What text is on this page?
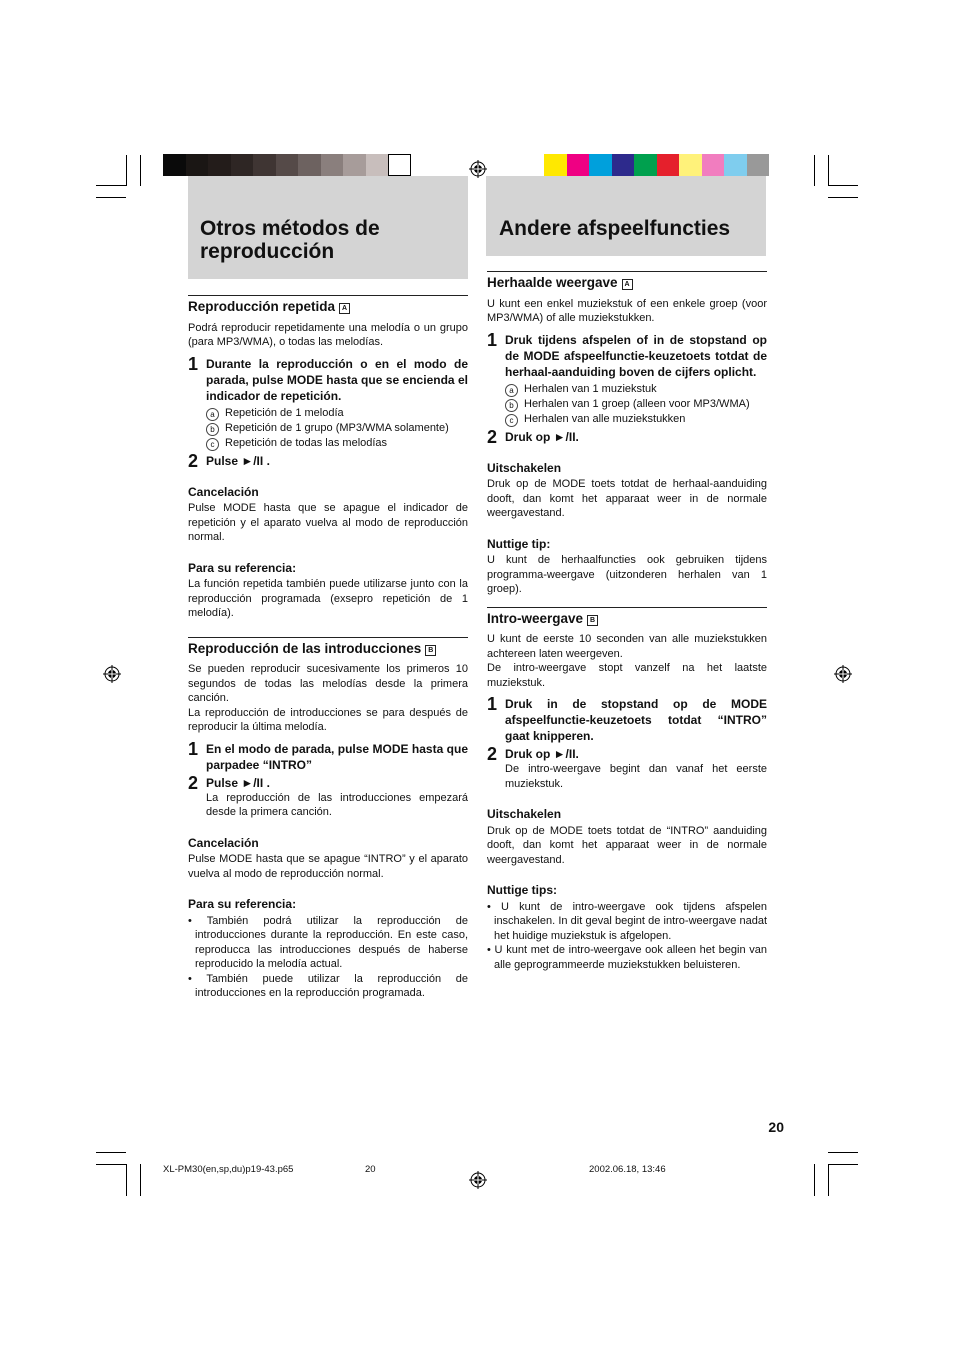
Otros métodos de reproducción
Andere afspeelfuncties
Reproducción repetida A

Podrá reproducir repetidamente una melodía o un grupo (para MP3/WMA), o todas las melodías.

1 Durante la reproducción o en el modo de parada, pulse MODE hasta que se encienda el indicador de repetición.
a Repetición de 1 melodía
b Repetición de 1 grupo (MP3/WMA solamente)
c Repetición de todas las melodías
2 Pulse ►/II .
Cancelación

Pulse MODE hasta que se apague el indicador de repetición y el aparato vuelva al modo de reproducción normal.

Para su referencia:

La función repetida también puede utilizarse junto con la reproducción programada (exsepro repetición de 1 melodía).

Reproducción de las introducciones B

Se pueden reproducir sucesivamente los primeros 10 segundos de todas las melodías desde la primera canción.

La reproducción de introducciones se para después de reproducir la última melodía.

1 En el modo de parada, pulse MODE hasta que parpadee “INTRO”
2 Pulse ►/II .
La reproducción de las introducciones empezará desde la primera canción.
Cancelación

Pulse MODE hasta que se apague “INTRO” y el aparato vuelva al modo de reproducción normal.

Para su referencia:
• También podrá utilizar la reproducción de introducciones durante la reproducción. En este caso, reproducca las introducciones después de haberse reproducido la melodía actual.
• También puede utilizar la reproducción de introducciones en la reproducción programada.
Herhaalde weergave A

U kunt een enkel muziekstuk of een enkele groep (voor MP3/WMA) of alle muziekstukken.

1 Druk tijdens afspelen of in de stopstand op de MODE afspeelfunctie-keuzetoets totdat de herhaal-aanduiding boven de cijfers oplicht.
a Herhalen van 1 muziekstuk
b Herhalen van 1 groep (alleen voor MP3/WMA)
c Herhalen van alle muziekstukken
2 Druk op ►/II.
Uitschakelen

Druk op de MODE toets totdat de herhaal-aanduiding dooft, dan komt het apparaat weer in de normale weergavestand.

Nuttige tip:

U kunt de herhaalfuncties ook gebruiken tijdens programma-weergave (uitzonderen herhalen van 1 groep).

Intro-weergave B

U kunt de eerste 10 seconden van alle muziekstukken achtereen laten weergeven.

De intro-weergave stopt vanzelf na het laatste muziekstuk.

1 Druk in de stopstand op de MODE afspeelfunctie-keuzetoets totdat “INTRO” gaat knipperen.
2 Druk op ►/II.
De intro-weergave begint dan vanaf het eerste muziekstuk.
Uitschakelen

Druk op de MODE toets totdat de “INTRO” aanduiding dooft, dan komt het apparaat weer in de normale weergavestand.

Nuttige tips:
• U kunt de intro-weergave ook tijdens afspelen inschakelen. In dit geval begint de intro-weergave nadat het huidige muziekstuk is afgelopen.
• U kunt met de intro-weergave ook alleen het begin van alle geprogrammeerde muziekstukken beluisteren.
20
XL-PM30(en,sp,du)p19-43.p65	20	2002.06.18, 13:46
